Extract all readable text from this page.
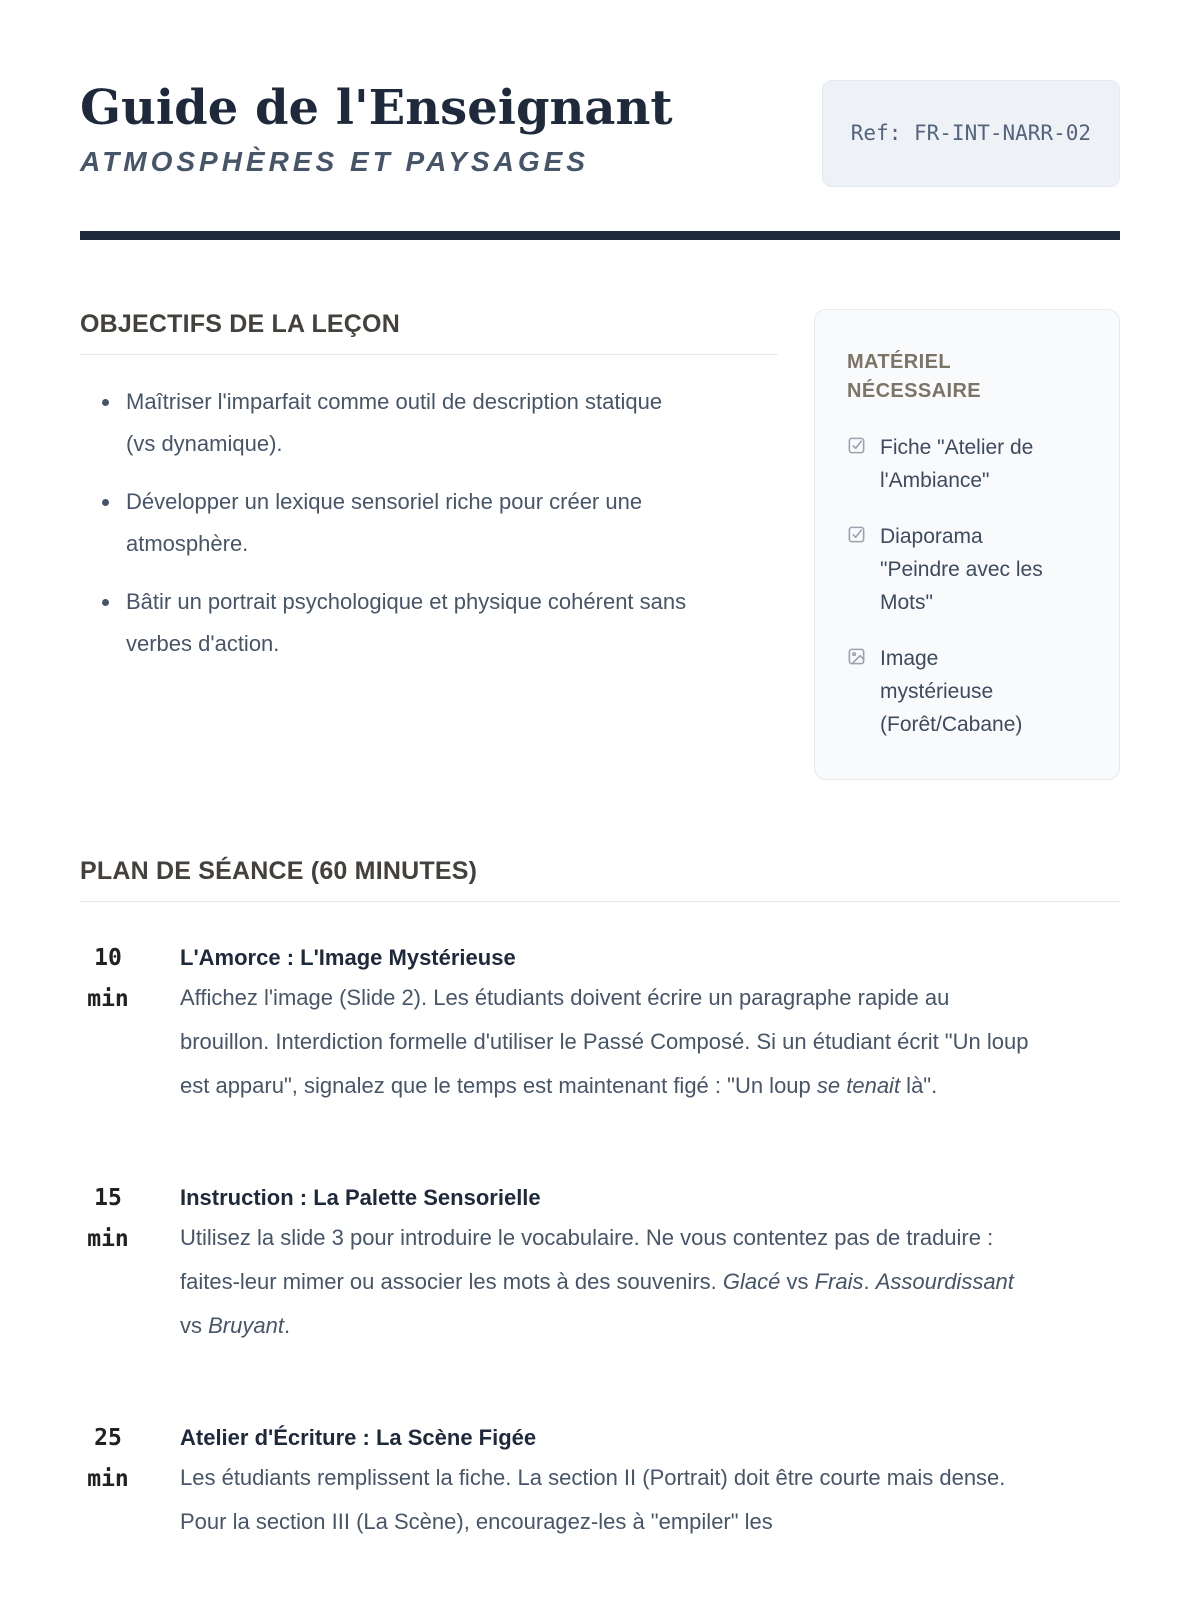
Guide de l'Enseignant
ATMOSPHÈRES ET PAYSAGES
Ref: FR-INT-NARR-02
OBJECTIFS DE LA LEÇON
• Maîtriser l'imparfait comme outil de description statique (vs dynamique).
• Développer un lexique sensoriel riche pour créer une atmosphère.
• Bâtir un portrait psychologique et physique cohérent sans verbes d'action.
MATÉRIEL NÉCESSAIRE
Fiche "Atelier de l'Ambiance"
Diaporama "Peindre avec les Mots"
Image mystérieuse (Forêt/Cabane)
PLAN DE SÉANCE (60 MINUTES)
10
min
L'Amorce : L'Image Mystérieuse

Affichez l'image (Slide 2). Les étudiants doivent écrire un paragraphe rapide au brouillon. Interdiction formelle d'utiliser le Passé Composé. Si un étudiant écrit "Un loup est apparu", signalez que le temps est maintenant figé : "Un loup se tenait là".

15
min
Instruction : La Palette Sensorielle

Utilisez la slide 3 pour introduire le vocabulaire. Ne vous contentez pas de traduire : faites-leur mimer ou associer les mots à des souvenirs. Glacé vs Frais. Assourdissant vs Bruyant.

25
min
Atelier d'Écriture : La Scène Figée

Les étudiants remplissent la fiche. La section II (Portrait) doit être courte mais dense. Pour la section III (La Scène), encouragez-les à "empiler" les
